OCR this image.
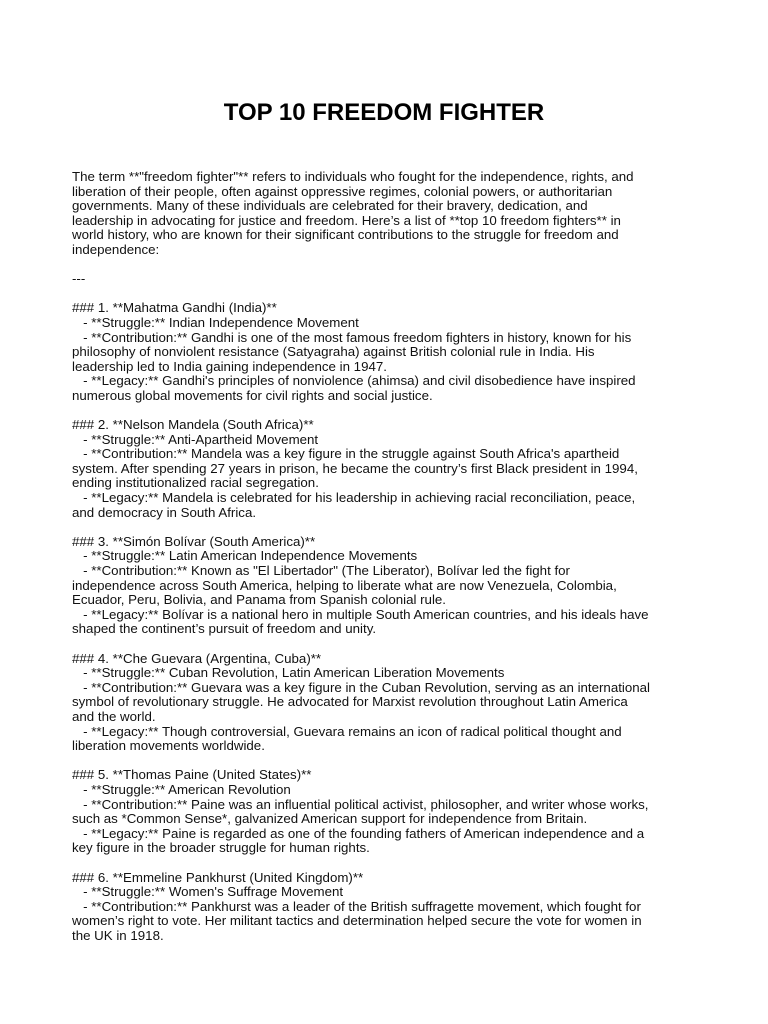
TOP 10 FREEDOM FIGHTER

The term **"freedom fighter"** refers to individuals who fought for the independence, rights, and
liberation of their people, often against oppressive regimes, colonial powers, or authoritarian
governments. Many of these individuals are celebrated for their bravery, dedication, and
leadership in advocating for justice and freedom. Here’s a list of **top 10 freedom fighters** in
world history, who are known for their significant contributions to the struggle for freedom and
independence:

---

### 1. **Mahatma Gandhi (India)**

- **Struggle:** Indian Independence Movement

- **Contribution:** Gandhi is one of the most famous freedom fighters in history, known for his

philosophy of nonviolent resistance (Satyagraha) against British colonial rule in India. His

leadership led to India gaining independence in 1947.

- **Legacy:** Gandhi's principles of nonviolence (ahimsa) and civil disobedience have inspired

numerous global movements for civil rights and social justice.

### 2. **Nelson Mandela (South Africa)**

- **Struggle:** Anti-Apartheid Movement

- **Contribution:** Mandela was a key figure in the struggle against South Africa's apartheid

system. After spending 27 years in prison, he became the country’s first Black president in 1994,

ending institutionalized racial segregation.

- **Legacy:** Mandela is celebrated for his leadership in achieving racial reconciliation, peace,

and democracy in South Africa.

### 3. **Simón Bolívar (South America)**

- **Struggle:** Latin American Independence Movements

- **Contribution:** Known as "El Libertador" (The Liberator), Bolívar led the fight for

independence across South America, helping to liberate what are now Venezuela, Colombia,

Ecuador, Peru, Bolivia, and Panama from Spanish colonial rule.

- **Legacy:** Bolívar is a national hero in multiple South American countries, and his ideals have

shaped the continent’s pursuit of freedom and unity.

### 4. **Che Guevara (Argentina, Cuba)**

- **Struggle:** Cuban Revolution, Latin American Liberation Movements

- **Contribution:** Guevara was a key figure in the Cuban Revolution, serving as an international

symbol of revolutionary struggle. He advocated for Marxist revolution throughout Latin America

and the world.

- **Legacy:** Though controversial, Guevara remains an icon of radical political thought and

liberation movements worldwide.

### 5. **Thomas Paine (United States)**

- **Struggle:** American Revolution

- **Contribution:** Paine was an influential political activist, philosopher, and writer whose works,

such as *Common Sense*, galvanized American support for independence from Britain.

- **Legacy:** Paine is regarded as one of the founding fathers of American independence and a

key figure in the broader struggle for human rights.

### 6. **Emmeline Pankhurst (United Kingdom)**

- **Struggle:** Women's Suffrage Movement

- **Contribution:** Pankhurst was a leader of the British suffragette movement, which fought for

women’s right to vote. Her militant tactics and determination helped secure the vote for women in

the UK in 1918.
